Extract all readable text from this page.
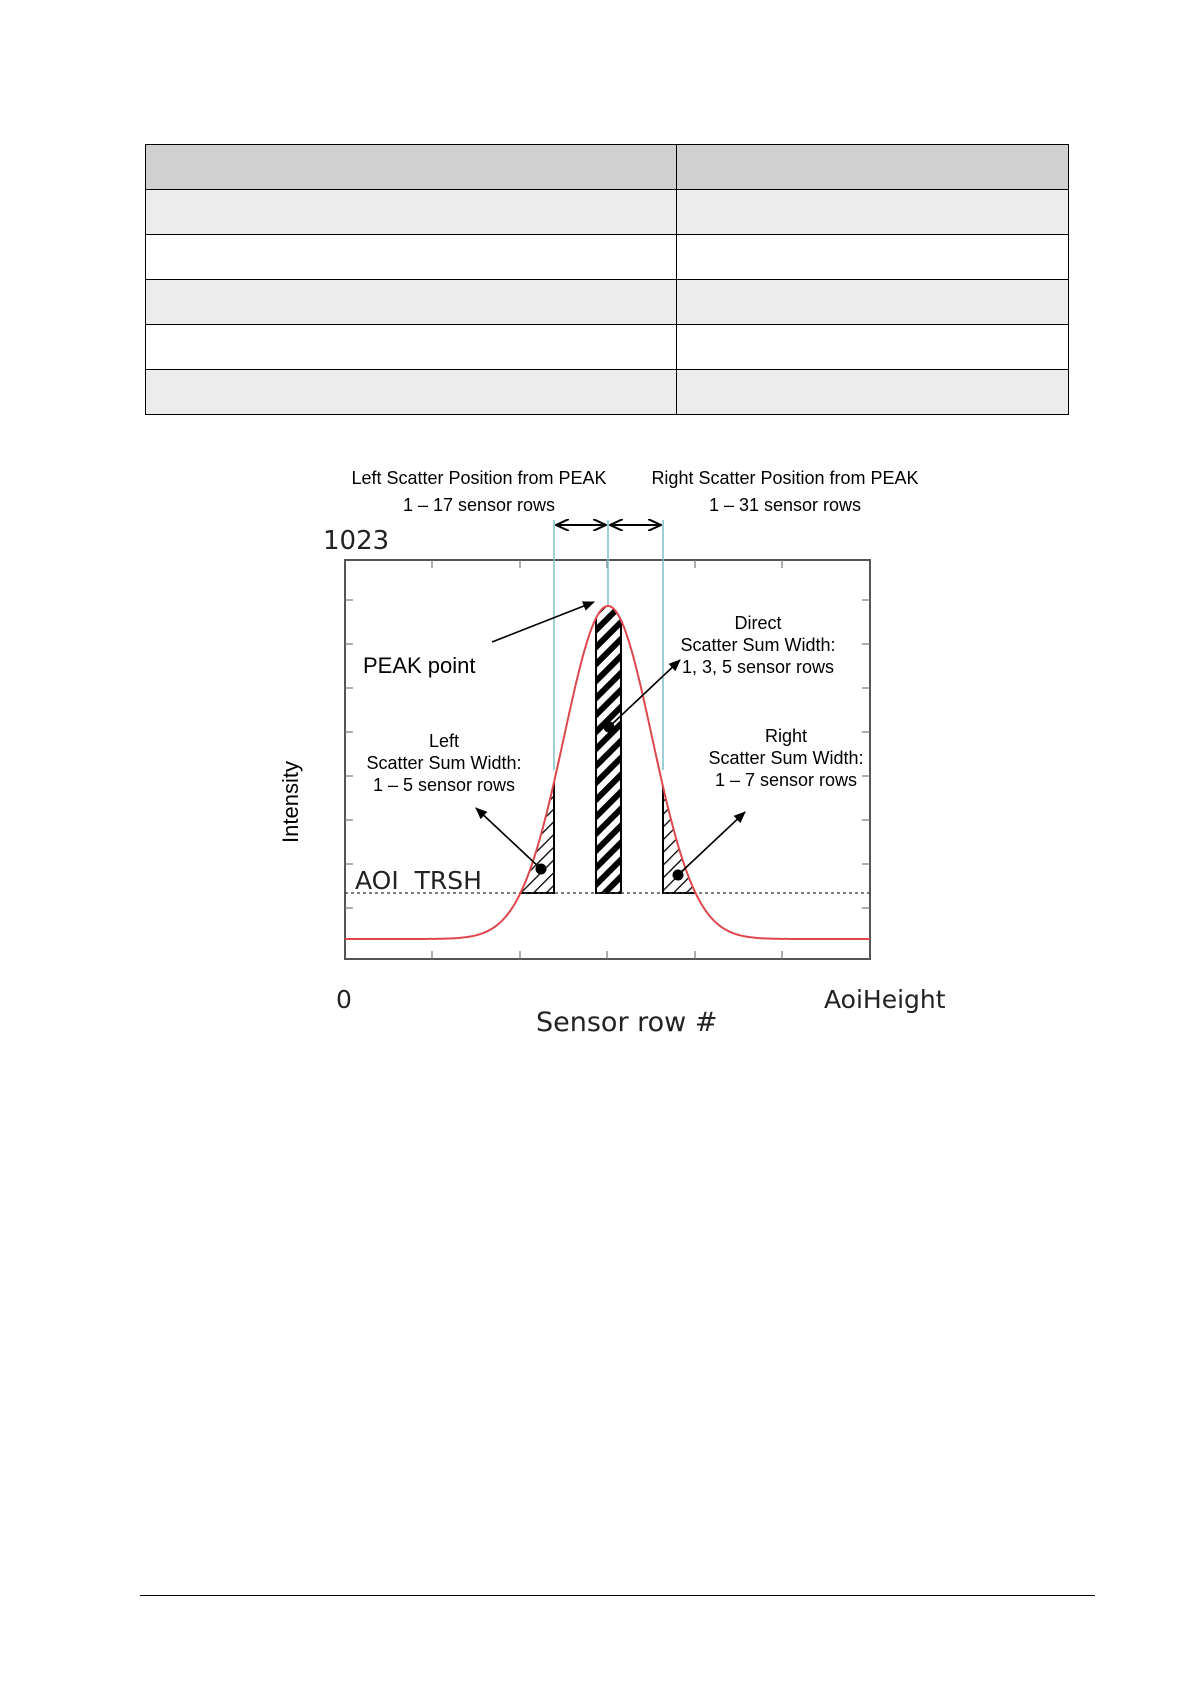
Left Scatter Position from PEAK
1 – 17 sensor rows
Right Scatter Position from PEAK
1 – 31 sensor rows
1023
Intensity
0	AoiHeight
Sensor row #
PEAK point
AOI  TRSH
Direct
Scatter Sum Width:
1, 3, 5 sensor rows
Left
Scatter Sum Width:
1 – 5 sensor rows
Right
Scatter Sum Width:
1 – 7 sensor rows
